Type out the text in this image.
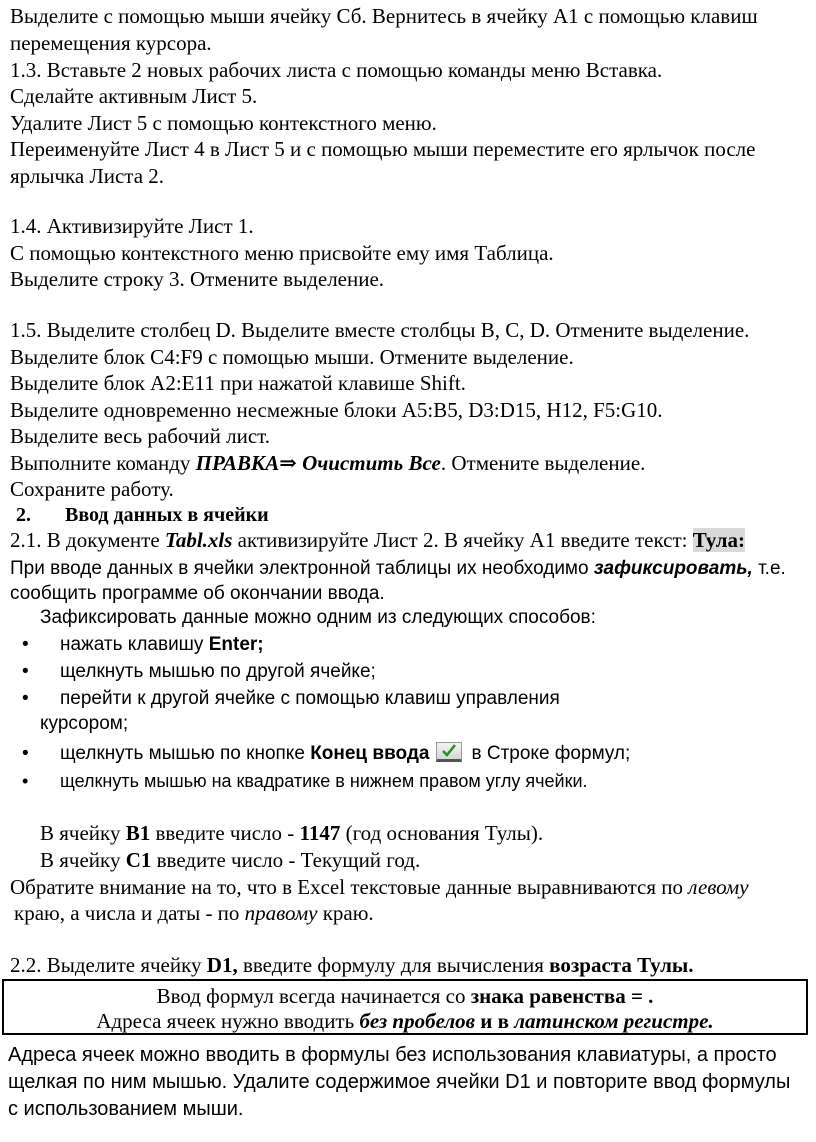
Выделите с помощью мыши ячейку Сб. Вернитесь в ячейку А1 с помощью клавиш
перемещения курсора.
1.3. Вставьте 2 новых рабочих листа с помощью команды меню Вставка.
Сделайте активным Лист 5.
Удалите Лист 5 с помощью контекстного меню.
Переименуйте Лист 4 в Лист 5 и с помощью мыши переместите его ярлычок после
ярлычка Листа 2.
1.4. Активизируйте Лист 1.
С помощью контекстного меню присвойте ему имя Таблица.
Выделите строку 3. Отмените выделение.
1.5. Выделите столбец D. Выделите вместе столбцы В, С, D. Отмените выделение.
Выделите блок С4:F9 с помощью мыши. Отмените выделение.
Выделите блок А2:Е11 при нажатой клавише Shift.
Выделите одновременно несмежные блоки А5:В5, D3:D15, Н12, F5:G10.
Выделите весь рабочий лист.
Выполните команду ПРАВКА⇒ Очистить Все. Отмените выделение.
Сохраните работу.
2. Ввод данных в ячейки
2.1. В документе Tabl.xls активизируйте Лист 2. В ячейку А1 введите текст: Тула:
При вводе данных в ячейки электронной таблицы их необходимо зафиксировать, т.е.
сообщить программе об окончании ввода.
Зафиксировать данные можно одним из следующих способов:
• нажать клавишу Enter;
• щелкнуть мышью по другой ячейке;
• перейти к другой ячейке с помощью клавиш управления
курсором;
• щелкнуть мышью по кнопке Конец ввода в Строке формул;
• щелкнуть мышью на квадратике в нижнем правом углу ячейки.
В ячейку В1 введите число - 1147 (год основания Тулы).
В ячейку С1 введите число - Текущий год.
Обратите внимание на то, что в Excel текстовые данные выравниваются по левому
краю, а числа и даты - по правому краю.
2.2. Выделите ячейку D1, введите формулу для вычисления возраста Тулы.
Ввод формул всегда начинается со знака равенства = .
Адреса ячеек нужно вводить без пробелов и в латинском регистре.
Адреса ячеек можно вводить в формулы без использования клавиатуры, а просто
щелкая по ним мышью. Удалите содержимое ячейки D1 и повторите ввод формулы
с использованием мыши.
